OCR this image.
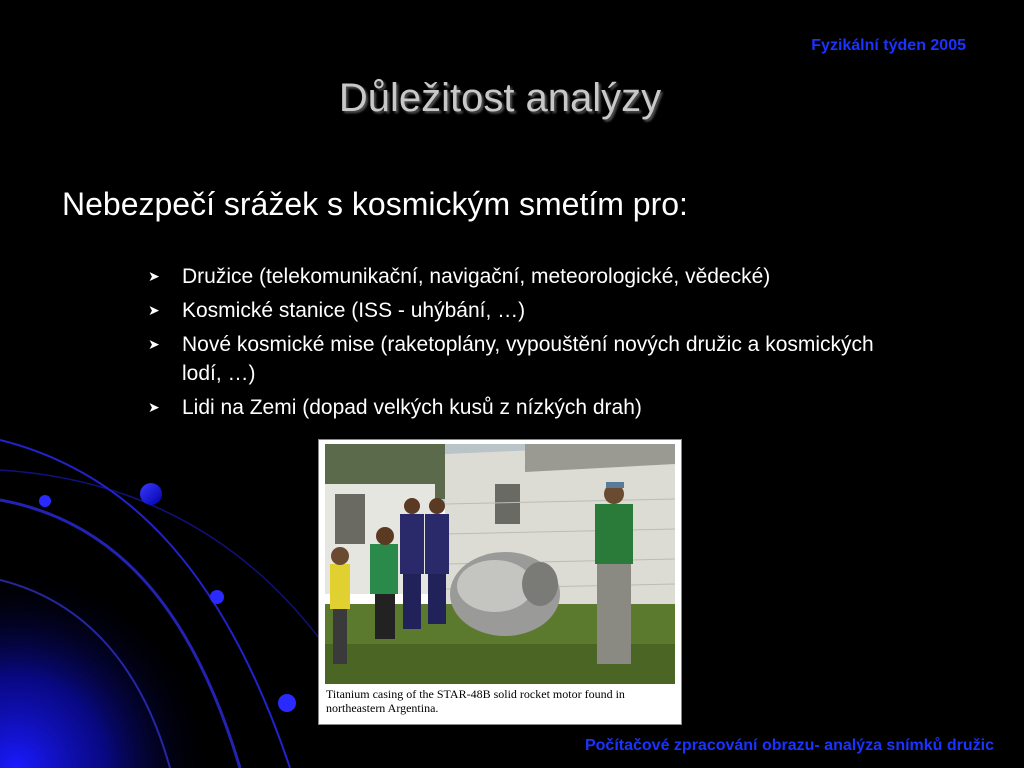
Fyzikální týden 2005
Důležitost analýzy
Nebezpečí srážek s kosmickým smetím pro:
➤ Družice (telekomunikační, navigační, meteorologické, vědecké)
➤ Kosmické stanice (ISS - uhýbání, …)
➤ Nové kosmické mise (raketoplány, vypouštění nových družic a kosmických lodí, …)
➤ Lidi na Zemi (dopad velkých kusů z nízkých drah)
Titanium casing of the STAR-48B solid rocket motor found in northeastern Argentina.
Počítačové zpracování obrazu- analýza snímků družic
